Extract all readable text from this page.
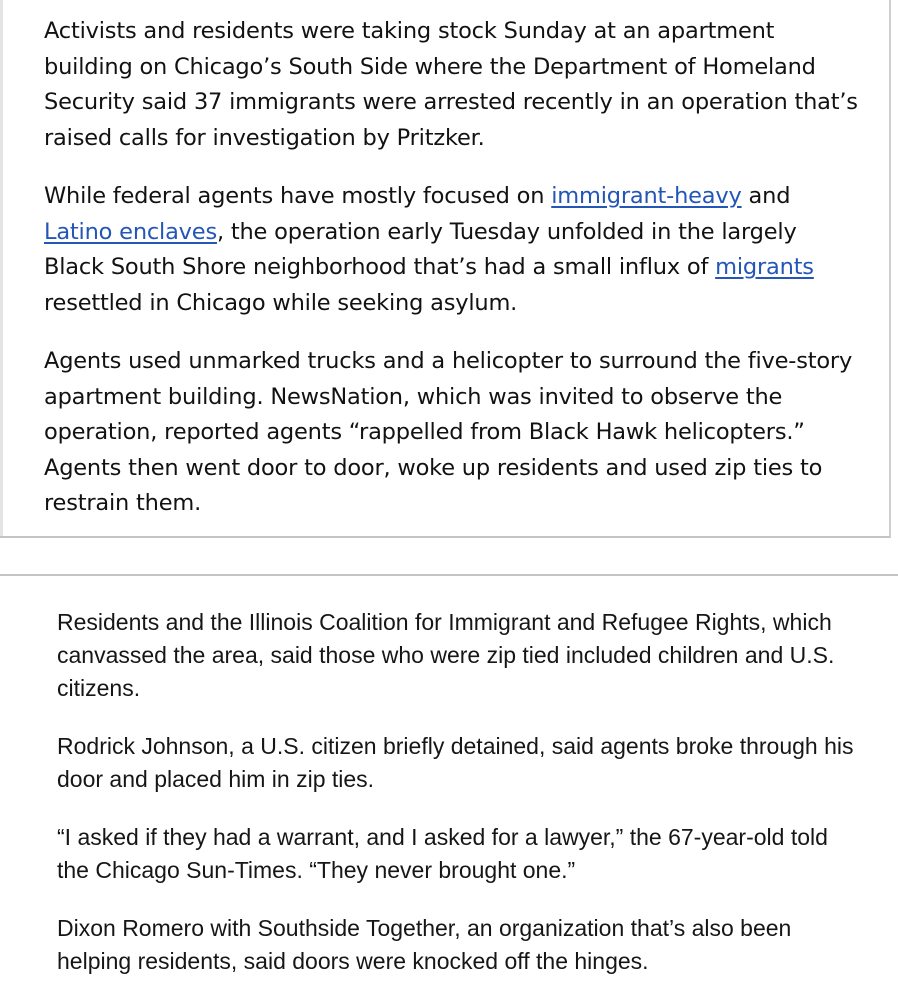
Activists and residents were taking stock Sunday at an apartment building on Chicago’s South Side where the Department of Homeland Security said 37 immigrants were arrested recently in an operation that’s raised calls for investigation by Pritzker.

While federal agents have mostly focused on immigrant-heavy and Latino enclaves, the operation early Tuesday unfolded in the largely Black South Shore neighborhood that’s had a small influx of migrants resettled in Chicago while seeking asylum.

Agents used unmarked trucks and a helicopter to surround the five-story apartment building. NewsNation, which was invited to observe the operation, reported agents “rappelled from Black Hawk helicopters.” Agents then went door to door, woke up residents and used zip ties to restrain them.

Residents and the Illinois Coalition for Immigrant and Refugee Rights, which canvassed the area, said those who were zip tied included children and U.S. citizens.

Rodrick Johnson, a U.S. citizen briefly detained, said agents broke through his door and placed him in zip ties.

“I asked if they had a warrant, and I asked for a lawyer,” the 67-year-old told the Chicago Sun-Times. “They never brought one.”

Dixon Romero with Southside Together, an organization that’s also been helping residents, said doors were knocked off the hinges.
